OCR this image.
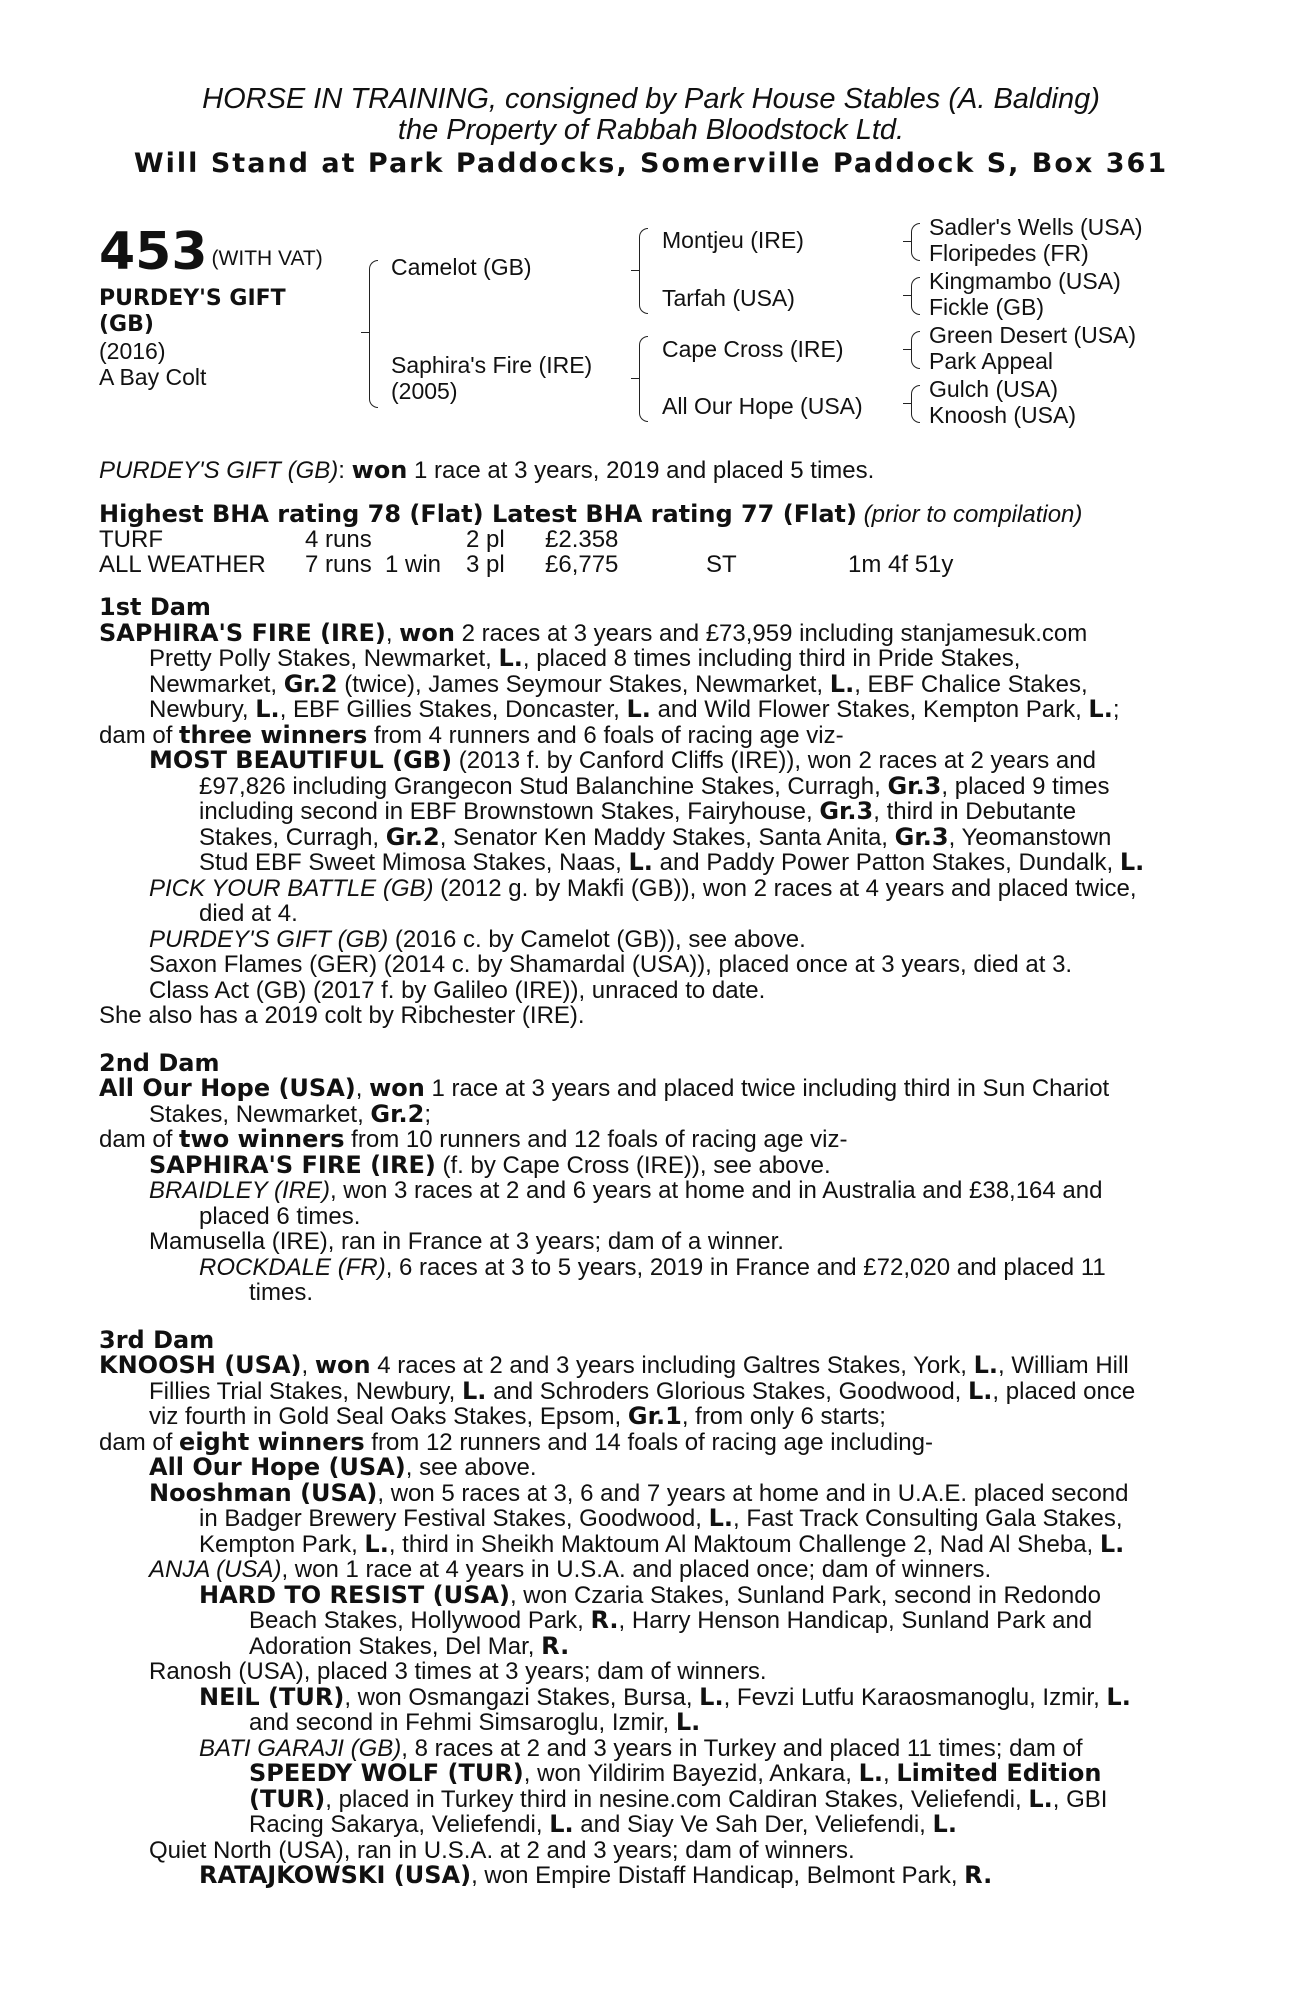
HORSE IN TRAINING, consigned by Park House Stables (A. Balding)
the Property of Rabbah Bloodstock Ltd.
Will Stand at Park Paddocks, Somerville Paddock S, Box 361
453 (WITH VAT)
PURDEY'S GIFT
(GB)
(2016)
A Bay Colt
Camelot (GB)
Saphira's Fire (IRE)
(2005)
Montjeu (IRE)
Tarfah (USA)
Cape Cross (IRE)
All Our Hope (USA)
Sadler's Wells (USA)
Floripedes (FR)
Kingmambo (USA)
Fickle (GB)
Green Desert (USA)
Park Appeal
Gulch (USA)
Knoosh (USA)
PURDEY'S GIFT (GB): won 1 race at 3 years, 2019 and placed 5 times.
Highest BHA rating 78 (Flat) Latest BHA rating 77 (Flat) (prior to compilation)
TURF	4 runs	2 pl £2.358
ALL WEATHER 7 runs 1 win 3 pl £6,775	ST	1m 4f 51y
1st Dam
SAPHIRA'S FIRE (IRE), won 2 races at 3 years and £73,959 including stanjamesuk.com
Pretty Polly Stakes, Newmarket, L., placed 8 times including third in Pride Stakes,
Newmarket, Gr.2 (twice), James Seymour Stakes, Newmarket, L., EBF Chalice Stakes,
Newbury, L., EBF Gillies Stakes, Doncaster, L. and Wild Flower Stakes, Kempton Park, L.;
dam of three winners from 4 runners and 6 foals of racing age viz-
MOST BEAUTIFUL (GB) (2013 f. by Canford Cliffs (IRE)), won 2 races at 2 years and
£97,826 including Grangecon Stud Balanchine Stakes, Curragh, Gr.3, placed 9 times
including second in EBF Brownstown Stakes, Fairyhouse, Gr.3, third in Debutante
Stakes, Curragh, Gr.2, Senator Ken Maddy Stakes, Santa Anita, Gr.3, Yeomanstown
Stud EBF Sweet Mimosa Stakes, Naas, L. and Paddy Power Patton Stakes, Dundalk, L.
PICK YOUR BATTLE (GB) (2012 g. by Makfi (GB)), won 2 races at 4 years and placed twice,
died at 4.
PURDEY'S GIFT (GB) (2016 c. by Camelot (GB)), see above.
Saxon Flames (GER) (2014 c. by Shamardal (USA)), placed once at 3 years, died at 3.
Class Act (GB) (2017 f. by Galileo (IRE)), unraced to date.
She also has a 2019 colt by Ribchester (IRE).
2nd Dam
All Our Hope (USA), won 1 race at 3 years and placed twice including third in Sun Chariot
Stakes, Newmarket, Gr.2;
dam of two winners from 10 runners and 12 foals of racing age viz-
SAPHIRA'S FIRE (IRE) (f. by Cape Cross (IRE)), see above.
BRAIDLEY (IRE), won 3 races at 2 and 6 years at home and in Australia and £38,164 and
placed 6 times.
Mamusella (IRE), ran in France at 3 years; dam of a winner.
ROCKDALE (FR), 6 races at 3 to 5 years, 2019 in France and £72,020 and placed 11
times.
3rd Dam
KNOOSH (USA), won 4 races at 2 and 3 years including Galtres Stakes, York, L., William Hill
Fillies Trial Stakes, Newbury, L. and Schroders Glorious Stakes, Goodwood, L., placed once
viz fourth in Gold Seal Oaks Stakes, Epsom, Gr.1, from only 6 starts;
dam of eight winners from 12 runners and 14 foals of racing age including-
All Our Hope (USA), see above.
Nooshman (USA), won 5 races at 3, 6 and 7 years at home and in U.A.E. placed second
in Badger Brewery Festival Stakes, Goodwood, L., Fast Track Consulting Gala Stakes,
Kempton Park, L., third in Sheikh Maktoum Al Maktoum Challenge 2, Nad Al Sheba, L.
ANJA (USA), won 1 race at 4 years in U.S.A. and placed once; dam of winners.
HARD TO RESIST (USA), won Czaria Stakes, Sunland Park, second in Redondo
Beach Stakes, Hollywood Park, R., Harry Henson Handicap, Sunland Park and
Adoration Stakes, Del Mar, R.
Ranosh (USA), placed 3 times at 3 years; dam of winners.
NEIL (TUR), won Osmangazi Stakes, Bursa, L., Fevzi Lutfu Karaosmanoglu, Izmir, L.
and second in Fehmi Simsaroglu, Izmir, L.
BATI GARAJI (GB), 8 races at 2 and 3 years in Turkey and placed 11 times; dam of
SPEEDY WOLF (TUR), won Yildirim Bayezid, Ankara, L., Limited Edition
(TUR), placed in Turkey third in nesine.com Caldiran Stakes, Veliefendi, L., GBI
Racing Sakarya, Veliefendi, L. and Siay Ve Sah Der, Veliefendi, L.
Quiet North (USA), ran in U.S.A. at 2 and 3 years; dam of winners.
RATAJKOWSKI (USA), won Empire Distaff Handicap, Belmont Park, R.
